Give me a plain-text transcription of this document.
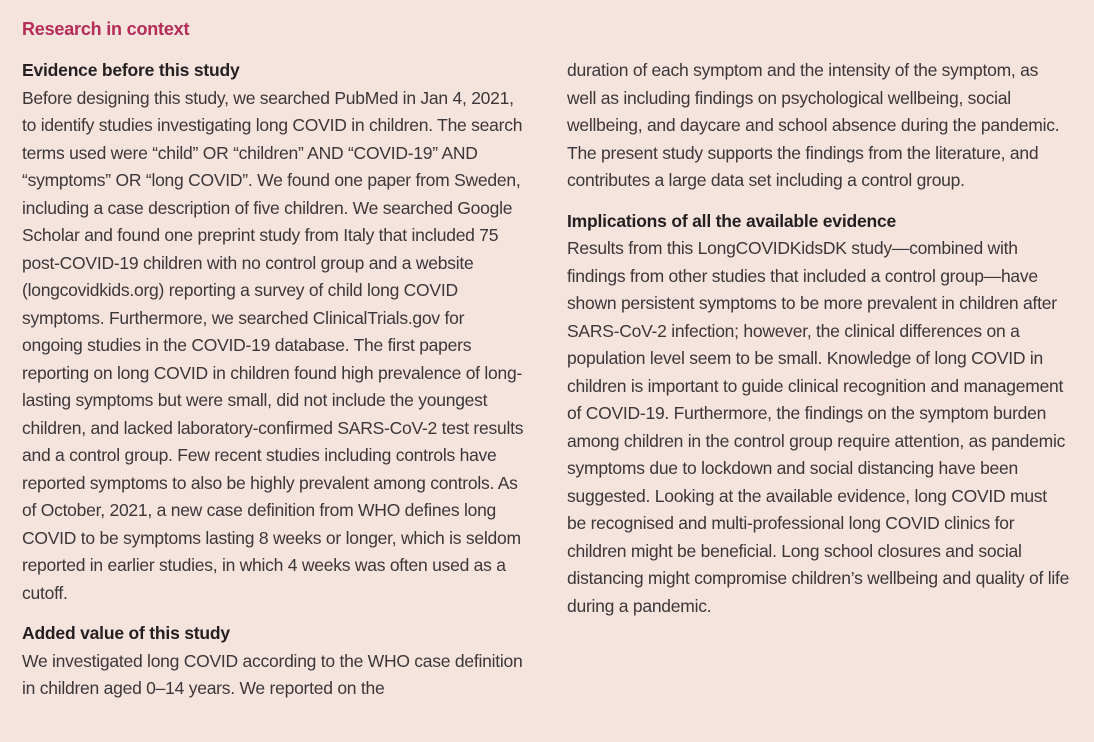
Research in context
Evidence before this study

Before designing this study, we searched PubMed in Jan 4, 2021, to identify studies investigating long COVID in children. The search terms used were “child” OR “children” AND “COVID-19” AND “symptoms” OR “long COVID”. We found one paper from Sweden, including a case description of five children. We searched Google Scholar and found one preprint study from Italy that included 75 post-COVID-19 children with no control group and a website (longcovidkids.org) reporting a survey of child long COVID symptoms. Furthermore, we searched ClinicalTrials.gov for ongoing studies in the COVID-19 database. The first papers reporting on long COVID in children found high prevalence of long-lasting symptoms but were small, did not include the youngest children, and lacked laboratory-confirmed SARS-CoV-2 test results and a control group. Few recent studies including controls have reported symptoms to also be highly prevalent among controls. As of October, 2021, a new case definition from WHO defines long COVID to be symptoms lasting 8 weeks or longer, which is seldom reported in earlier studies, in which 4 weeks was often used as a cutoff.

Added value of this study

We investigated long COVID according to the WHO case definition in children aged 0–14 years. We reported on the

duration of each symptom and the intensity of the symptom, as well as including findings on psychological wellbeing, social wellbeing, and daycare and school absence during the pandemic. The present study supports the findings from the literature, and contributes a large data set including a control group.

Implications of all the available evidence

Results from this LongCOVIDKidsDK study—combined with findings from other studies that included a control group—have shown persistent symptoms to be more prevalent in children after SARS-CoV-2 infection; however, the clinical differences on a population level seem to be small. Knowledge of long COVID in children is important to guide clinical recognition and management of COVID-19. Furthermore, the findings on the symptom burden among children in the control group require attention, as pandemic symptoms due to lockdown and social distancing have been suggested. Looking at the available evidence, long COVID must be recognised and multi-professional long COVID clinics for children might be beneficial. Long school closures and social distancing might compromise children’s wellbeing and quality of life during a pandemic.
